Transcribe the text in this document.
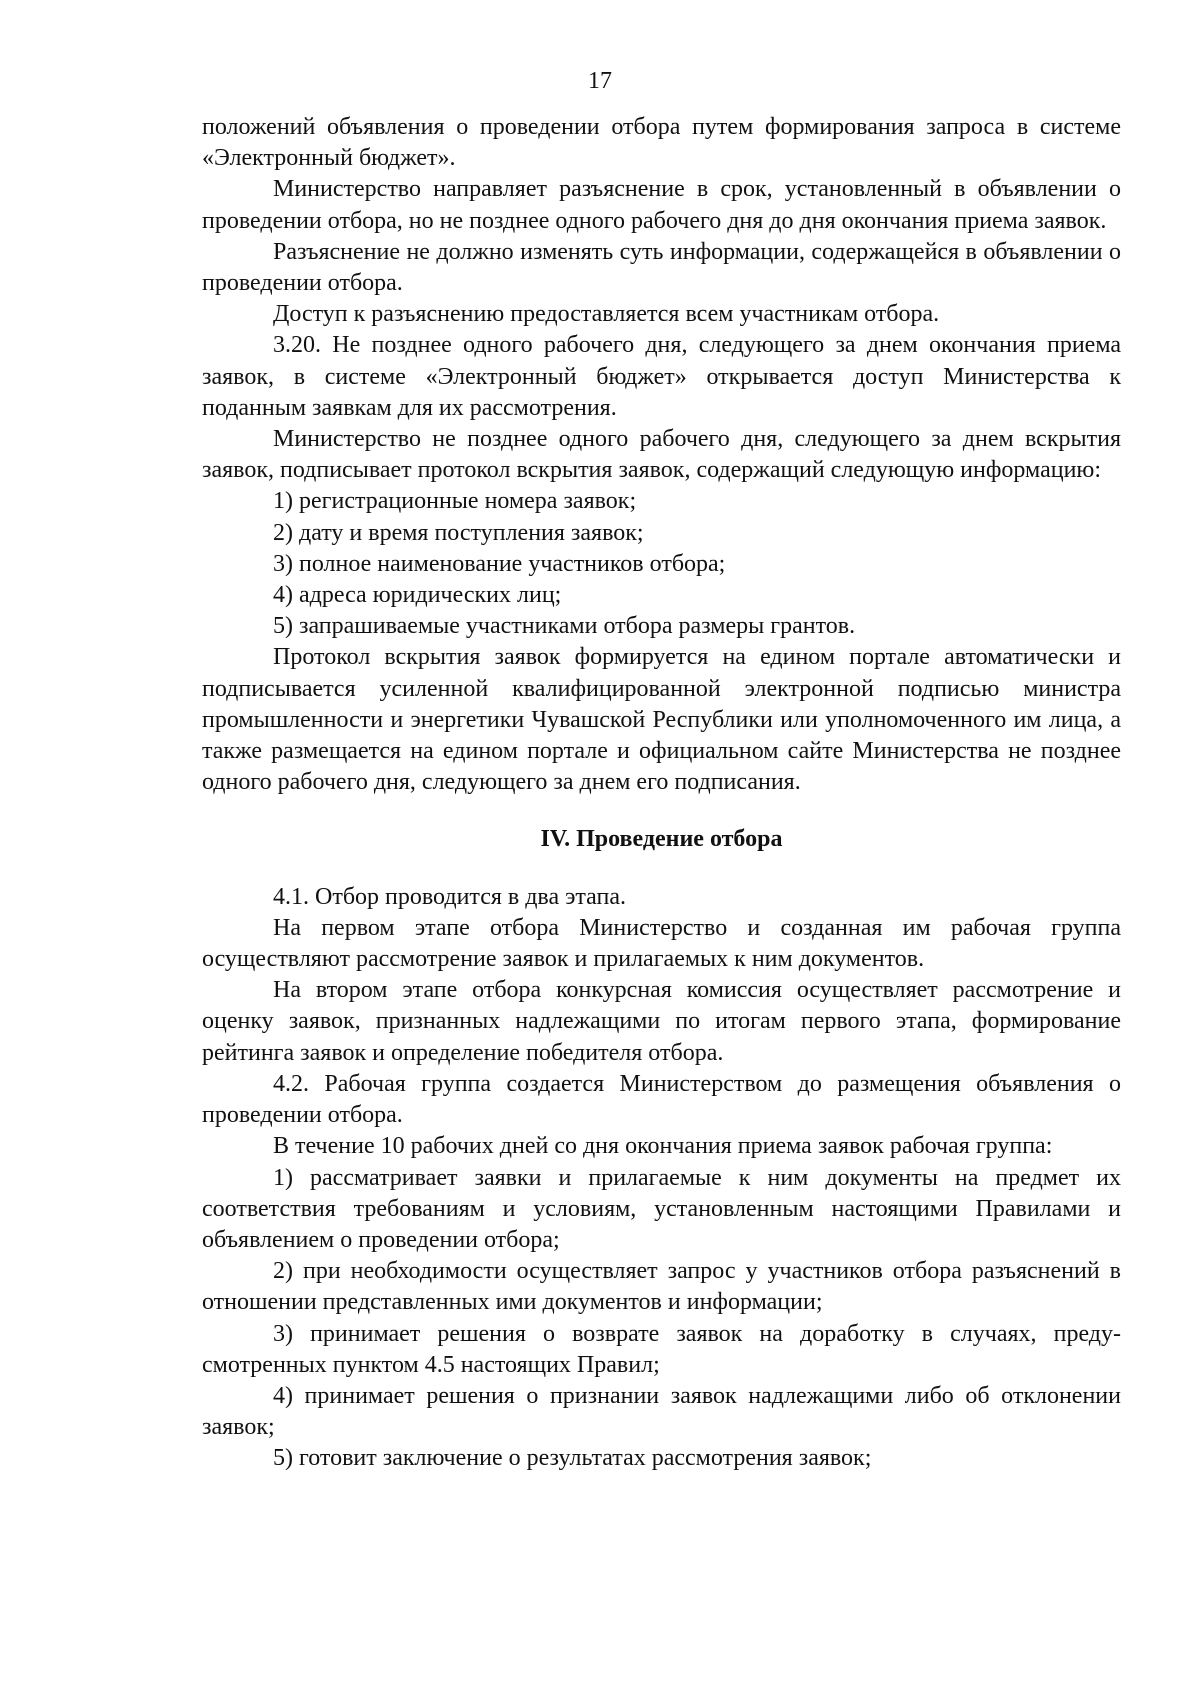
17

положений объявления о проведении отбора путем формирования запроса в системе «Электронный бюджет».

Министерство направляет разъяснение в срок, установленный в объявлении о проведении отбора, но не позднее одного рабочего дня до дня окончания приема заявок.

Разъяснение не должно изменять суть информации, содержащейся в объявлении о проведении отбора.

Доступ к разъяснению предоставляется всем участникам отбора.

3.20. Не позднее одного рабочего дня, следующего за днем окончания приема заявок, в системе «Электронный бюджет» открывается доступ Министерства к поданным заявкам для их рассмотрения.

Министерство не позднее одного рабочего дня, следующего за днем вскрытия заявок, подписывает протокол вскрытия заявок, содержащий следующую информацию:

1) регистрационные номера заявок;

2) дату и время поступления заявок;

3) полное наименование участников отбора;

4) адреса юридических лиц;

5) запрашиваемые участниками отбора размеры грантов.

Протокол вскрытия заявок формируется на едином портале автоматически и подписывается усиленной квалифицированной электронной подписью министра промышленности и энергетики Чувашской Республики или уполномоченного им лица, а также размещается на едином портале и официальном сайте Министерства не позднее одного рабочего дня, следующего за днем его подписания.

IV. Проведение отбора

4.1. Отбор проводится в два этапа.

На первом этапе отбора Министерство и созданная им рабочая группа осуществляют рассмотрение заявок и прилагаемых к ним документов.

На втором этапе отбора конкурсная комиссия осуществляет рассмотрение и оценку заявок, признанных надлежащими по итогам первого этапа, формирование рейтинга заявок и определение победителя отбора.

4.2. Рабочая группа создается Министерством до размещения объявления о проведении отбора.

В течение 10 рабочих дней со дня окончания приема заявок рабочая группа:

1) рассматривает заявки и прилагаемые к ним документы на предмет их соответствия требованиям и условиям, установленным настоящими Правилами и объявлением о проведении отбора;

2) при необходимости осуществляет запрос у участников отбора разъяснений в отношении представленных ими документов и информации;

3) принимает решения о возврате заявок на доработку в случаях, предусмотренных пунктом 4.5 настоящих Правил;

4) принимает решения о признании заявок надлежащими либо об отклонении заявок;

5) готовит заключение о результатах рассмотрения заявок;
